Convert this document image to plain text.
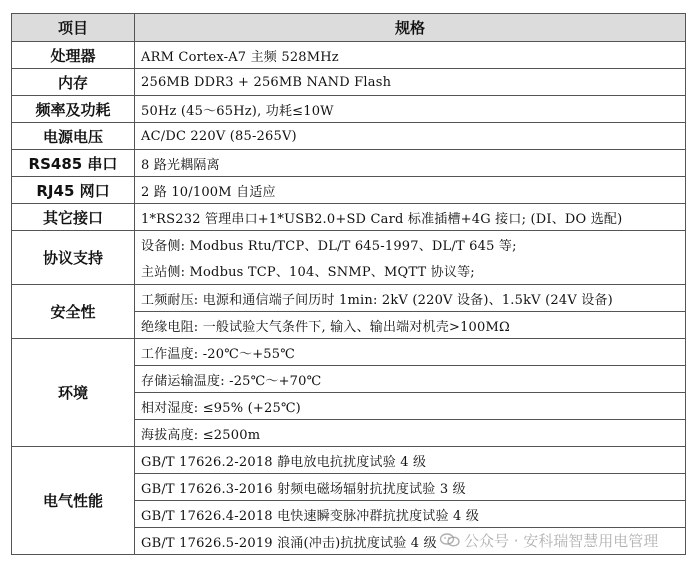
项目	规格
处理器	ARM Cortex-A7 主频 528MHz
内存	256MB DDR3 + 256MB NAND Flash
频率及功耗	50Hz (45～65Hz), 功耗≤10W
电源电压	AC/DC 220V (85-265V)
RS485 串口	8 路光耦隔离
RJ45 网口	2 路 10/100M 自适应
其它接口	1*RS232 管理串口+1*USB2.0+SD Card 标准插槽+4G 接口; (DI、DO 选配)
协议支持	设备侧: Modbus Rtu/TCP、DL/T 645-1997、DL/T 645 等;
	主站侧: Modbus TCP、104、SNMP、MQTT 协议等;
安全性	工频耐压: 电源和通信端子间历时 1min: 2kV (220V 设备)、1.5kV (24V 设备)
	绝缘电阻: 一般试验大气条件下, 输入、输出端对机壳>100MΩ
环境	工作温度: -20℃～+55℃
	存储运输温度: -25℃～+70℃
	相对湿度: ≤95% (+25℃)
	海拔高度: ≤2500m
电气性能	GB/T 17626.2-2018 静电放电抗扰度试验 4 级
	GB/T 17626.3-2016 射频电磁场辐射抗扰度试验 3 级
	GB/T 17626.4-2018 电快速瞬变脉冲群抗扰度试验 4 级
	GB/T 17626.5-2019 浪涌(冲击)抗扰度试验 4 级	公众号 · 安科瑞智慧用电管理
